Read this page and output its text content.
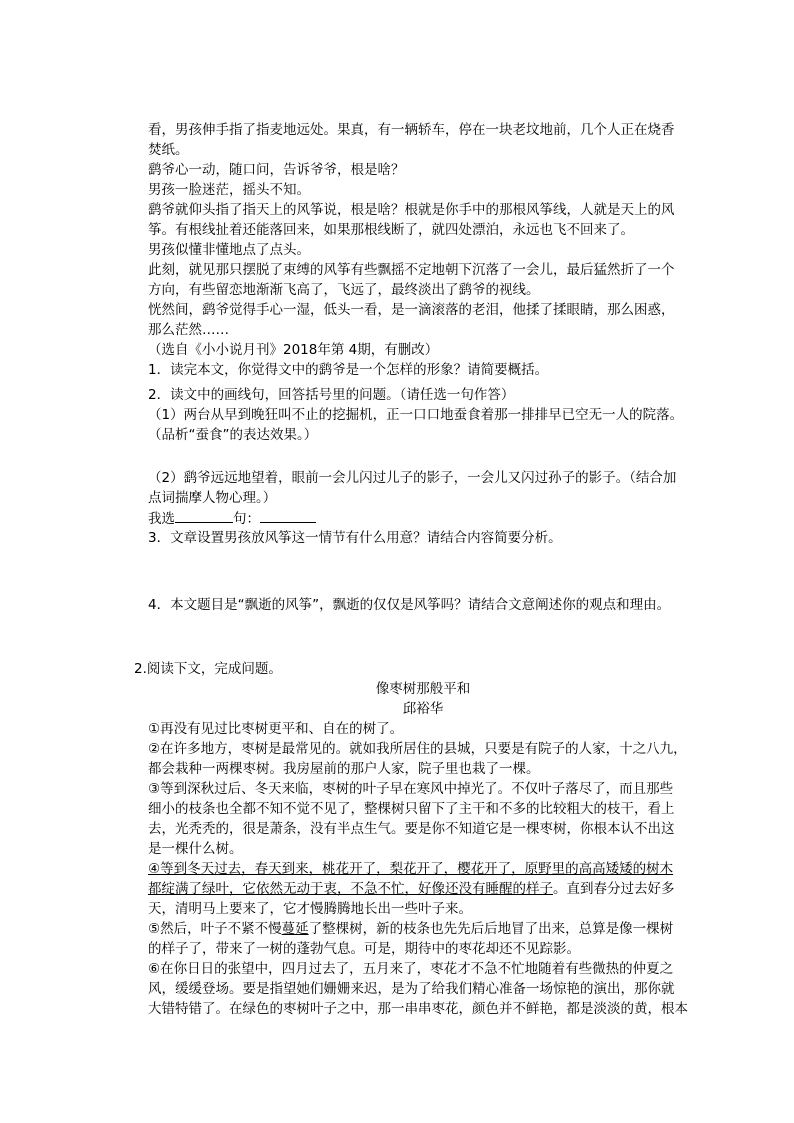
看，男孩伸手指了指麦地远处。果真，有一辆轿车，停在一块老坟地前，几个人正在烧香
焚纸。
鹞爷心一动，随口问，告诉爷爷，根是啥？
男孩一脸迷茫，摇头不知。
鹞爷就仰头指了指天上的风筝说，根是啥？根就是你手中的那根风筝线，人就是天上的风
筝。有根线扯着还能落回来，如果那根线断了，就四处漂泊，永远也飞不回来了。
男孩似懂非懂地点了点头。
此刻，就见那只摆脱了束缚的风筝有些飘摇不定地朝下沉落了一会儿，最后猛然折了一个
方向，有些留恋地渐渐飞高了，飞远了，最终淡出了鹞爷的视线。
恍然间，鹞爷觉得手心一湿，低头一看，是一滴滚落的老泪，他揉了揉眼睛，那么困惑，
那么茫然……
（选自《小小说月刊》2018年第 4期，有删改）
1．读完本文，你觉得文中的鹞爷是一个怎样的形象？请简要概括。
2．读文中的画线句，回答括号里的问题。（请任选一句作答）
（1）两台从早到晚狂叫不止的挖掘机，正一口口地蚕食着那一排排早已空无一人的院落。
（品析“蚕食”的表达效果。）
（2）鹞爷远远地望着，眼前一会儿闪过儿子的影子，一会儿又闪过孙子的影子。（结合加
点词揣摩人物心理。）
我选	句：
3．文章设置男孩放风筝这一情节有什么用意？请结合内容简要分析。
4．本文题目是“飘逝的风筝”，飘逝的仅仅是风筝吗？请结合文意阐述你的观点和理由。
2.阅读下文，完成问题。
像枣树那般平和
邱裕华
①再没有见过比枣树更平和、自在的树了。
②在许多地方，枣树是最常见的。就如我所居住的县城，只要是有院子的人家，十之八九，
都会栽种一两棵枣树。我房屋前的那户人家，院子里也栽了一棵。
③等到深秋过后、冬天来临，枣树的叶子早在寒风中掉光了。不仅叶子落尽了，而且那些
细小的枝条也全都不知不觉不见了，整棵树只留下了主干和不多的比较粗大的枝干，看上
去，光秃秃的，很是萧条，没有半点生气。要是你不知道它是一棵枣树，你根本认不出这
是一棵什么树。
④等到冬天过去，春天到来，桃花开了，梨花开了，樱花开了，原野里的高高矮矮的树木
都绽满了绿叶，它依然无动于衷，不急不忙，好像还没有睡醒的样子。直到春分过去好多
天，清明马上要来了，它才慢腾腾地长出一些叶子来。
⑤然后，叶子不紧不慢蔓延了整棵树，新的枝条也先先后后地冒了出来，总算是像一棵树
的样子了，带来了一树的蓬勃气息。可是，期待中的枣花却还不见踪影。
⑥在你日日的张望中，四月过去了，五月来了，枣花才不急不忙地随着有些微热的仲夏之
风，缓缓登场。要是指望她们姗姗来迟，是为了给我们精心准备一场惊艳的演出，那你就
大错特错了。在绿色的枣树叶子之中，那一串串枣花，颜色并不鲜艳，都是淡淡的黄，根本
